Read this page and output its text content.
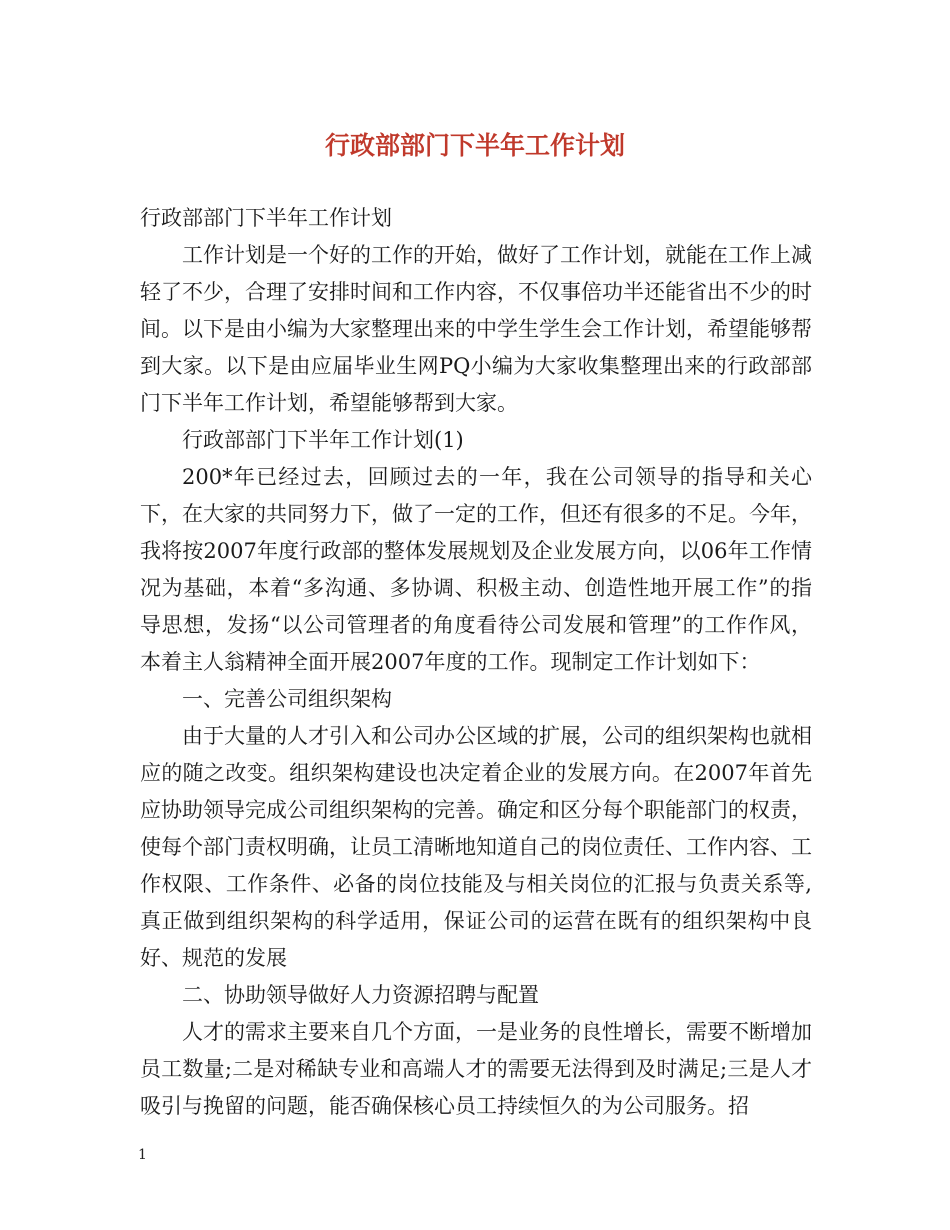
行政部部门下半年工作计划

行政部部门下半年工作计划

工作计划是一个好的工作的开始，做好了工作计划，就能在工作上减轻了不少，合理了安排时间和工作内容，不仅事倍功半还能省出不少的时间。以下是由小编为大家整理出来的中学生学生会工作计划，希望能够帮到大家。以下是由应届毕业生网PQ小编为大家收集整理出来的行政部部门下半年工作计划，希望能够帮到大家。

行政部部门下半年工作计划(1)

200*年已经过去，回顾过去的一年，我在公司领导的指导和关心下，在大家的共同努力下，做了一定的工作，但还有很多的不足。今年，我将按2007年度行政部的整体发展规划及企业发展方向，以06年工作情况为基础，本着“多沟通、多协调、积极主动、创造性地开展工作”的指导思想，发扬“以公司管理者的角度看待公司发展和管理”的工作作风，本着主人翁精神全面开展2007年度的工作。现制定工作计划如下：

一、完善公司组织架构

由于大量的人才引入和公司办公区域的扩展，公司的组织架构也就相应的随之改变。组织架构建设也决定着企业的发展方向。在2007年首先应协助领导完成公司组织架构的完善。确定和区分每个职能部门的权责，使每个部门责权明确，让员工清晰地知道自己的岗位责任、工作内容、工作权限、工作条件、必备的岗位技能及与相关岗位的汇报与负责关系等,真正做到组织架构的科学适用，保证公司的运营在既有的组织架构中良好、规范的发展

二、协助领导做好人力资源招聘与配置

人才的需求主要来自几个方面，一是业务的良性增长，需要不断增加员工数量;二是对稀缺专业和高端人才的需要无法得到及时满足;三是人才吸引与挽留的问题，能否确保核心员工持续恒久的为公司服务。招

1
